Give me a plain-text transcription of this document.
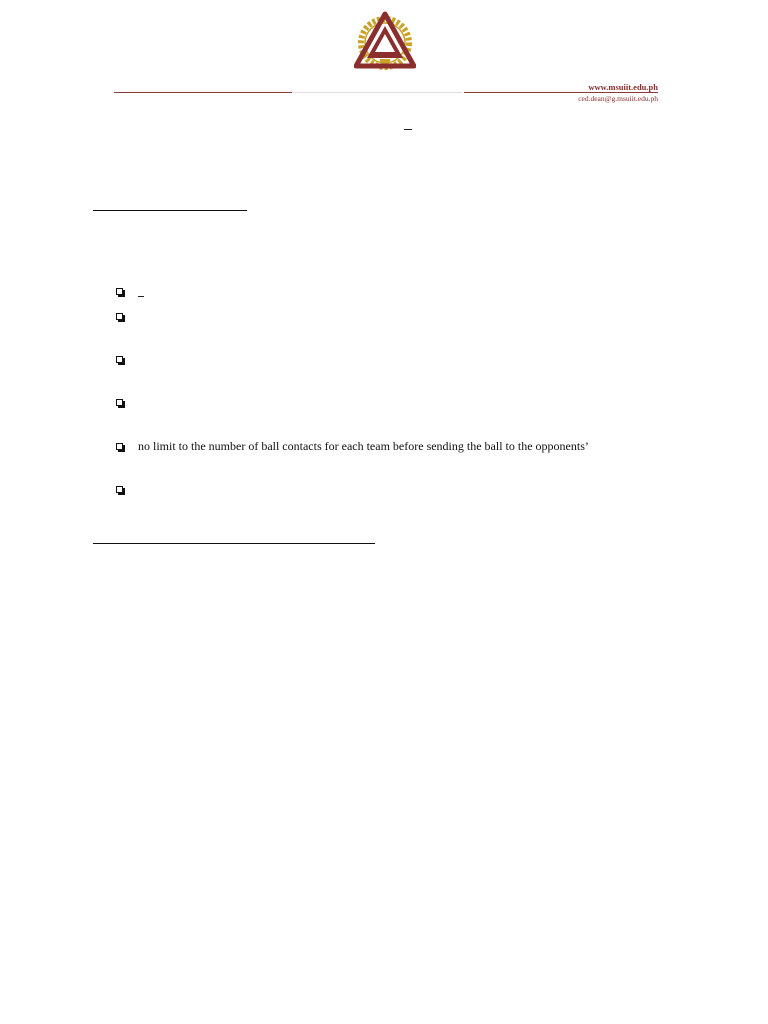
www.msuiit.edu.ph
ced.dean@g.msuiit.edu.ph
no limit to the number of ball contacts for each team before sending the ball to the opponents’
